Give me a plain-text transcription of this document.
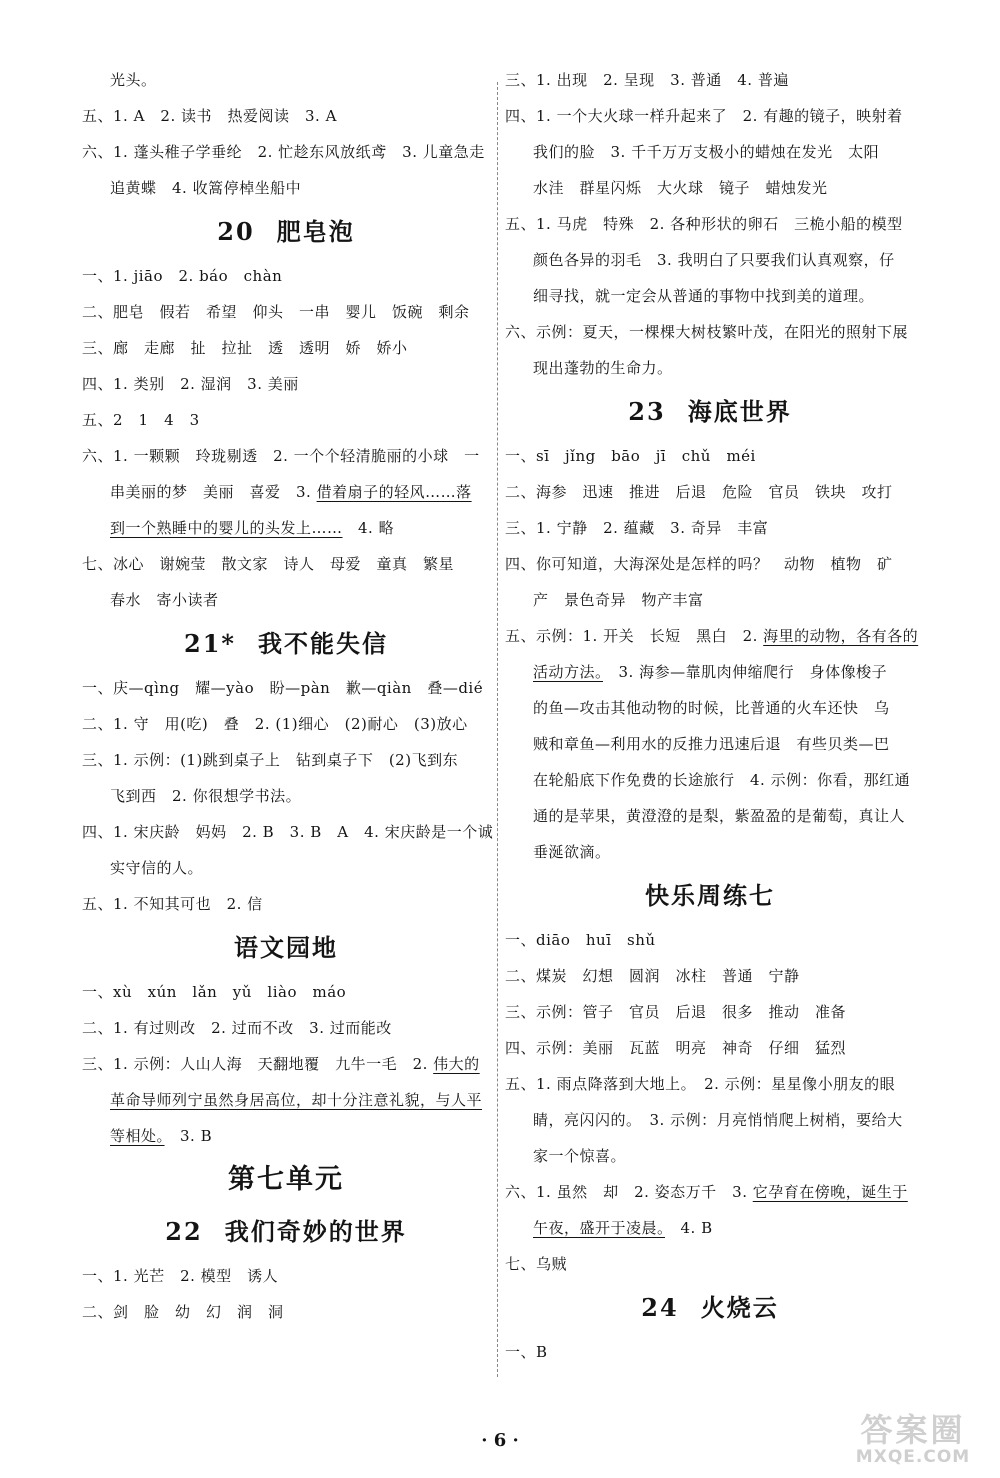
光头。
五、1. A　2. 读书　热爱阅读　3. A
六、1. 蓬头稚子学垂纶　2. 忙趁东风放纸鸢　3. 儿童急走
追黄蝶　4. 收篙停棹坐船中
20 肥皂泡
一、1. jiāo　2. báo　chàn
二、肥皂　假若　希望　仰头　一串　婴儿　饭碗　剩余
三、廊　走廊　扯　拉扯　透　透明　娇　娇小
四、1. 类别　2. 湿润　3. 美丽
五、2　1　4　3
六、1. 一颗颗　玲珑剔透　2. 一个个轻清脆丽的小球　一
串美丽的梦　美丽　喜爱　3. 借着扇子的轻风……落
到一个熟睡中的婴儿的头发上……　4. 略
七、冰心　谢婉莹　散文家　诗人　母爱　童真　繁星
春水　寄小读者
21* 我不能失信
一、庆—qìng　耀—yào　盼—pàn　歉—qiàn　叠—dié
二、1. 守　用(吃)　叠　2. (1)细心　(2)耐心　(3)放心
三、1. 示例：(1)跳到桌子上　钻到桌子下　(2)飞到东
飞到西　2. 你很想学书法。
四、1. 宋庆龄　妈妈　2. B　3. B　A　4. 宋庆龄是一个诚
实守信的人。
五、1. 不知其可也　2. 信
语文园地
一、xù　xún　lǎn　yǔ　liào　máo
二、1. 有过则改　2. 过而不改　3. 过而能改
三、1. 示例：人山人海　天翻地覆　九牛一毛　2. 伟大的
革命导师列宁虽然身居高位，却十分注意礼貌，与人平
等相处。　3. B
第七单元
22 我们奇妙的世界
一、1. 光芒　2. 模型　诱人
二、剑　脸　幼　幻　润　洞
三、1. 出现　2. 呈现　3. 普通　4. 普遍
四、1. 一个大火球一样升起来了　2. 有趣的镜子，映射着
我们的脸　3. 千千万万支极小的蜡烛在发光　太阳
水洼　群星闪烁　大火球　镜子　蜡烛发光
五、1. 马虎　特殊　2. 各种形状的卵石　三桅小船的模型
颜色各异的羽毛　3. 我明白了只要我们认真观察，仔
细寻找，就一定会从普通的事物中找到美的道理。
六、示例：夏天，一棵棵大树枝繁叶茂，在阳光的照射下展
现出蓬勃的生命力。
23 海底世界
一、sī　jǐng　bāo　jī　chǔ　méi
二、海参　迅速　推进　后退　危险　官员　铁块　攻打
三、1. 宁静　2. 蕴藏　3. 奇异　丰富
四、你可知道，大海深处是怎样的吗？　动物　植物　矿
产　景色奇异　物产丰富
五、示例：1. 开关　长短　黑白　2. 海里的动物，各有各的
活动方法。　3. 海参—靠肌肉伸缩爬行　身体像梭子
的鱼—攻击其他动物的时候，比普通的火车还快　乌
贼和章鱼—利用水的反推力迅速后退　有些贝类—巴
在轮船底下作免费的长途旅行　4. 示例：你看，那红通
通的是苹果，黄澄澄的是梨，紫盈盈的是葡萄，真让人
垂涎欲滴。
快乐周练七
一、diāo　huī　shǔ
二、煤炭　幻想　圆润　冰柱　普通　宁静
三、示例：管子　官员　后退　很多　推动　准备
四、示例：美丽　瓦蓝　明亮　神奇　仔细　猛烈
五、1. 雨点降落到大地上。　2. 示例：星星像小朋友的眼
睛，亮闪闪的。　3. 示例：月亮悄悄爬上树梢，要给大
家一个惊喜。
六、1. 虽然　却　2. 姿态万千　3. 它孕育在傍晚，诞生于
午夜，盛开于凌晨。　4. B
七、乌贼
24 火烧云
一、B
· 6 ·	答案圈
MXQE.COM
